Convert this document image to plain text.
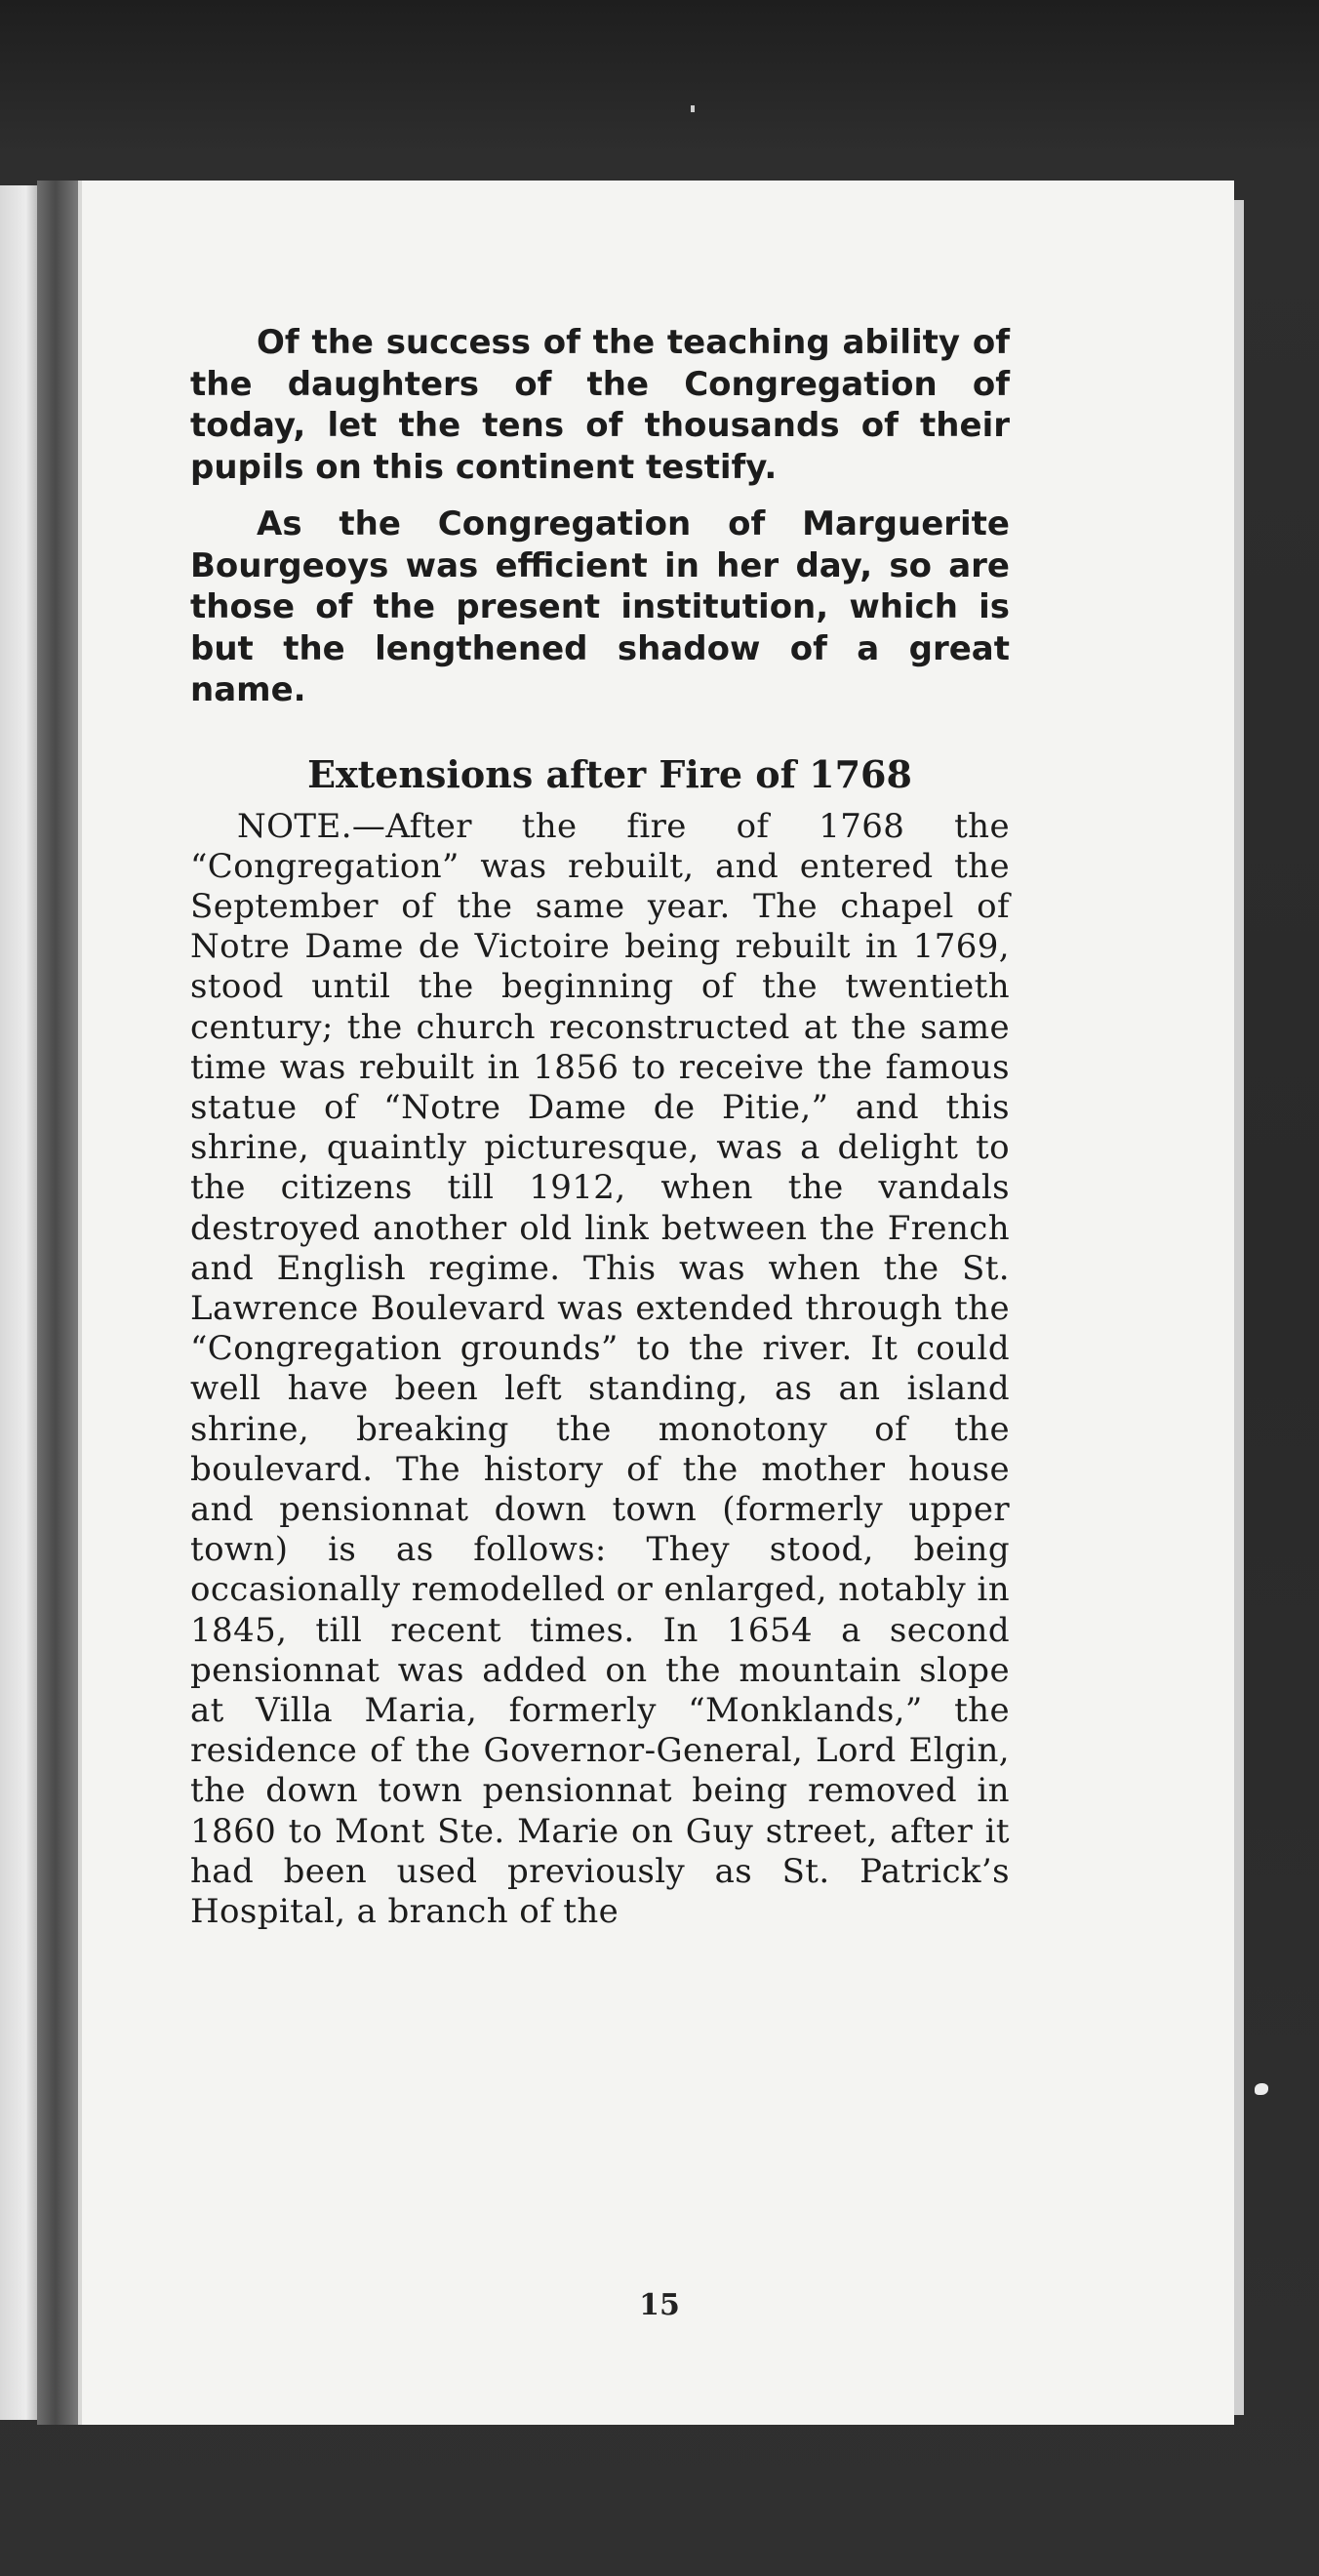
Of the success of the teaching ability of the daughters of the Congregation of today, let the tens of thousands of their pupils on this continent testify.

As the Congregation of Marguerite Bourgeoys was efficient in her day, so are those of the present institution, which is but the lengthened shadow of a great name.

Extensions after Fire of 1768

NOTE.—After the fire of 1768 the “Congregation” was rebuilt, and entered the September of the same year. The chapel of Notre Dame de Victoire being rebuilt in 1769, stood until the beginning of the twentieth century; the church reconstructed at the same time was rebuilt in 1856 to receive the famous statue of “Notre Dame de Pitie,” and this shrine, quaintly picturesque, was a delight to the citizens till 1912, when the vandals destroyed another old link between the French and English regime. This was when the St. Lawrence Boulevard was extended through the “Congregation grounds” to the river. It could well have been left standing, as an island shrine, breaking the monotony of the boulevard. The history of the mother house and pensionnat down town (formerly upper town) is as follows: They stood, being occasionally remodelled or enlarged, notably in 1845, till recent times. In 1654 a second pensionnat was added on the mountain slope at Villa Maria, formerly “Monklands,” the residence of the Governor-General, Lord Elgin, the down town pensionnat being removed in 1860 to Mont Ste. Marie on Guy street, after it had been used previously as St. Patrick’s Hospital, a branch of the

15
